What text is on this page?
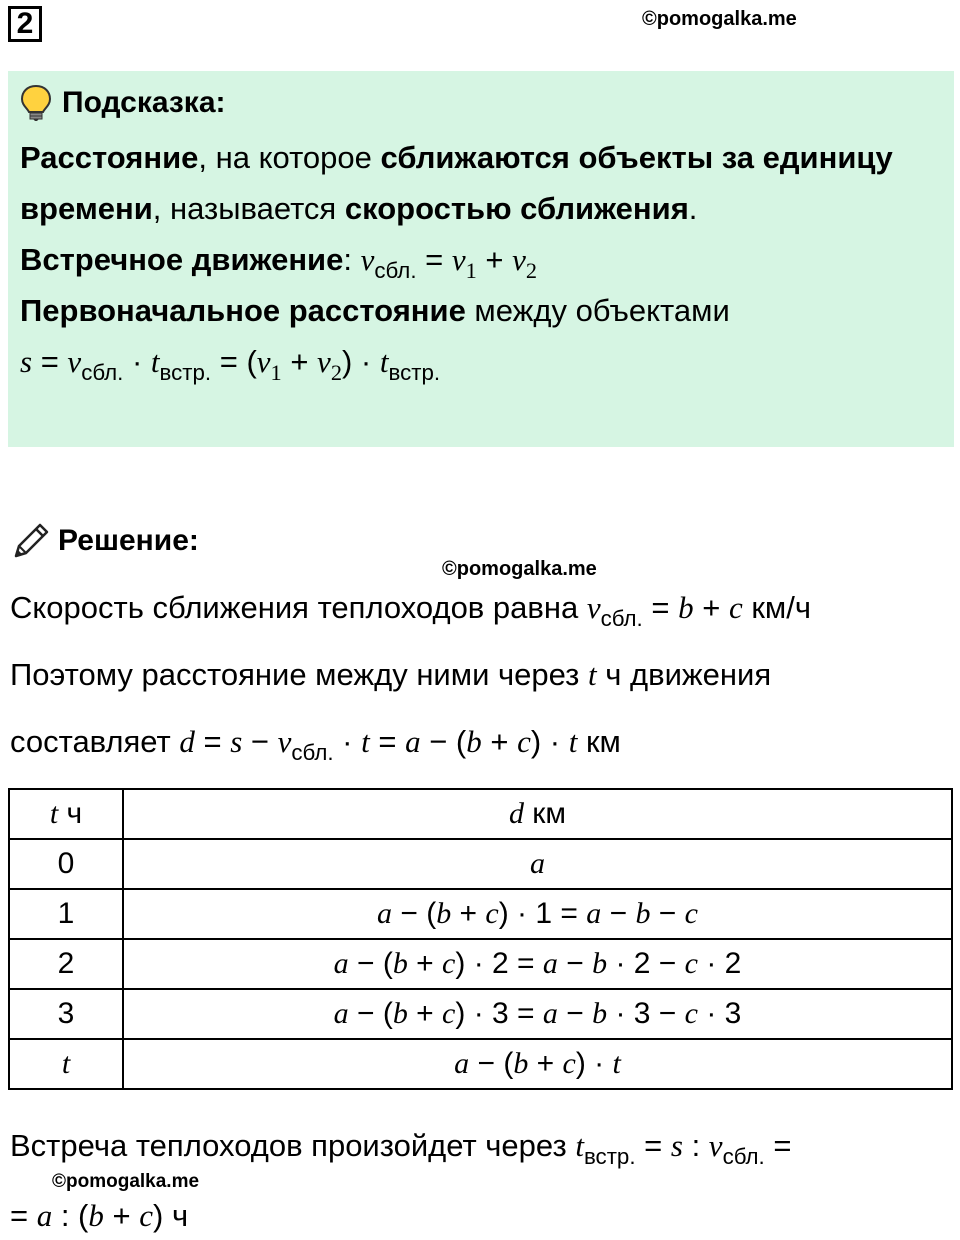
2	©pomogalka.me
Подсказка:

Расстояние, на которое сближаются объекты за единицу

времени, называется скоростью сближения.

Встречное движение: $v_{сбл.} = v_1 + v_2$

Первоначальное расстояние между объектами

$s = v_{сбл.} \cdot t_{встр.} = (v_1 + v_2) \cdot t_{встр.}$

Решение:
©pomogalka.me
Скорость сближения теплоходов равна $v_{сбл.} = b + c$ км/ч
Поэтому расстояние между ними через t ч движения
составляет $d = s - v_{сбл.} \cdot t = a - (b + c) \cdot t$ км
t ч	d км
0	a
1	a − (b + c) · 1 = a − b − c
2	a − (b + c) · 2 = a − b · 2 − c · 2
3	a − (b + c) · 3 = a − b · 3 − c · 3
t	a − (b + c) · t
Встреча теплоходов произойдет через $t_{встр.} = s$ : $v_{сбл.}$ =
©pomogalka.me
= a : (b + c) ч
